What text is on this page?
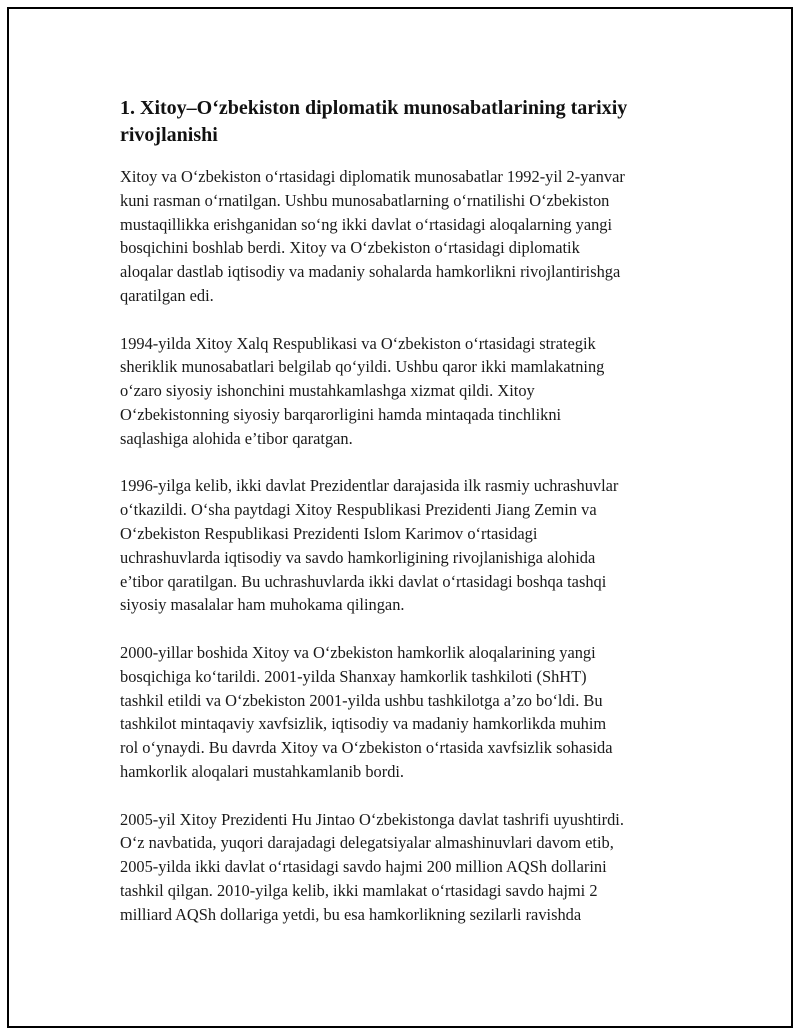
1. Xitoy–O‘zbekiston diplomatik munosabatlarining tarixiy
rivojlanishi

Xitoy va O‘zbekiston o‘rtasidagi diplomatik munosabatlar 1992-yil 2-yanvar
kuni rasman o‘rnatilgan. Ushbu munosabatlarning o‘rnatilishi O‘zbekiston
mustaqillikka erishganidan so‘ng ikki davlat o‘rtasidagi aloqalarning yangi
bosqichini boshlab berdi. Xitoy va O‘zbekiston o‘rtasidagi diplomatik
aloqalar dastlab iqtisodiy va madaniy sohalarda hamkorlikni rivojlantirishga
qaratilgan edi.

1994-yilda Xitoy Xalq Respublikasi va O‘zbekiston o‘rtasidagi strategik
sheriklik munosabatlari belgilab qo‘yildi. Ushbu qaror ikki mamlakatning
o‘zaro siyosiy ishonchini mustahkamlashga xizmat qildi. Xitoy
O‘zbekistonning siyosiy barqarorligini hamda mintaqada tinchlikni
saqlashiga alohida e’tibor qaratgan.

1996-yilga kelib, ikki davlat Prezidentlar darajasida ilk rasmiy uchrashuvlar
o‘tkazildi. O‘sha paytdagi Xitoy Respublikasi Prezidenti Jiang Zemin va
O‘zbekiston Respublikasi Prezidenti Islom Karimov o‘rtasidagi
uchrashuvlarda iqtisodiy va savdo hamkorligining rivojlanishiga alohida
e’tibor qaratilgan. Bu uchrashuvlarda ikki davlat o‘rtasidagi boshqa tashqi
siyosiy masalalar ham muhokama qilingan.

2000-yillar boshida Xitoy va O‘zbekiston hamkorlik aloqalarining yangi
bosqichiga ko‘tarildi. 2001-yilda Shanxay hamkorlik tashkiloti (ShHT)
tashkil etildi va O‘zbekiston 2001-yilda ushbu tashkilotga a’zo bo‘ldi. Bu
tashkilot mintaqaviy xavfsizlik, iqtisodiy va madaniy hamkorlikda muhim
rol o‘ynaydi. Bu davrda Xitoy va O‘zbekiston o‘rtasida xavfsizlik sohasida
hamkorlik aloqalari mustahkamlanib bordi.

2005-yil Xitoy Prezidenti Hu Jintao O‘zbekistonga davlat tashrifi uyushtirdi.
O‘z navbatida, yuqori darajadagi delegatsiyalar almashinuvlari davom etib,
2005-yilda ikki davlat o‘rtasidagi savdo hajmi 200 million AQSh dollarini
tashkil qilgan. 2010-yilga kelib, ikki mamlakat o‘rtasidagi savdo hajmi 2
milliard AQSh dollariga yetdi, bu esa hamkorlikning sezilarli ravishda
